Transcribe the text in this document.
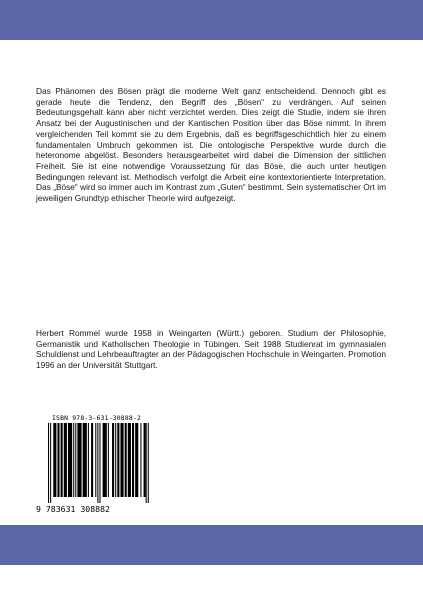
Das Phänomen des Bösen prägt die moderne Welt ganz entscheidend. Dennoch gibt es gerade heute die Tendenz, den Begriff des „Bösen“ zu verdrängen. Auf seinen Bedeutungsgehalt kann aber nicht verzichtet werden. Dies zeigt die Studie, indem sie ihren Ansatz bei der Augustinischen und der Kantischen Position über das Böse nimmt. In ihrem vergleichenden Teil kommt sie zu dem Ergebnis, daß es begriffsgeschichtlich hier zu einem fundamentalen Umbruch gekommen ist. Die ontologische Perspektive wurde durch die heteronome abgelöst. Besonders herausgearbeitet wird dabei die Dimension der sittlichen Freiheit. Sie ist eine notwendige Voraussetzung für das Böse, die auch unter heutigen Bedingungen relevant ist. Methodisch verfolgt die Arbeit eine kontextorientierte Interpretation. Das „Böse“ wird so immer auch im Kontrast zum „Guten“ bestimmt. Sein systematischer Ort im jeweiligen Grundtyp ethischer Theorie wird aufgezeigt.

Herbert Rommel wurde 1958 in Weingarten (Württ.) geboren. Studium der Philosophie, Germanistik und Katholischen Theologie in Tübingen. Seit 1988 Studienrat im gymnasialen Schuldienst und Lehrbeauftragter an der Pädagogischen Hochschule in Weingarten. Promotion 1996 an der Universität Stuttgart.

ISBN 978-3-631-30888-2
9 783631 308882
